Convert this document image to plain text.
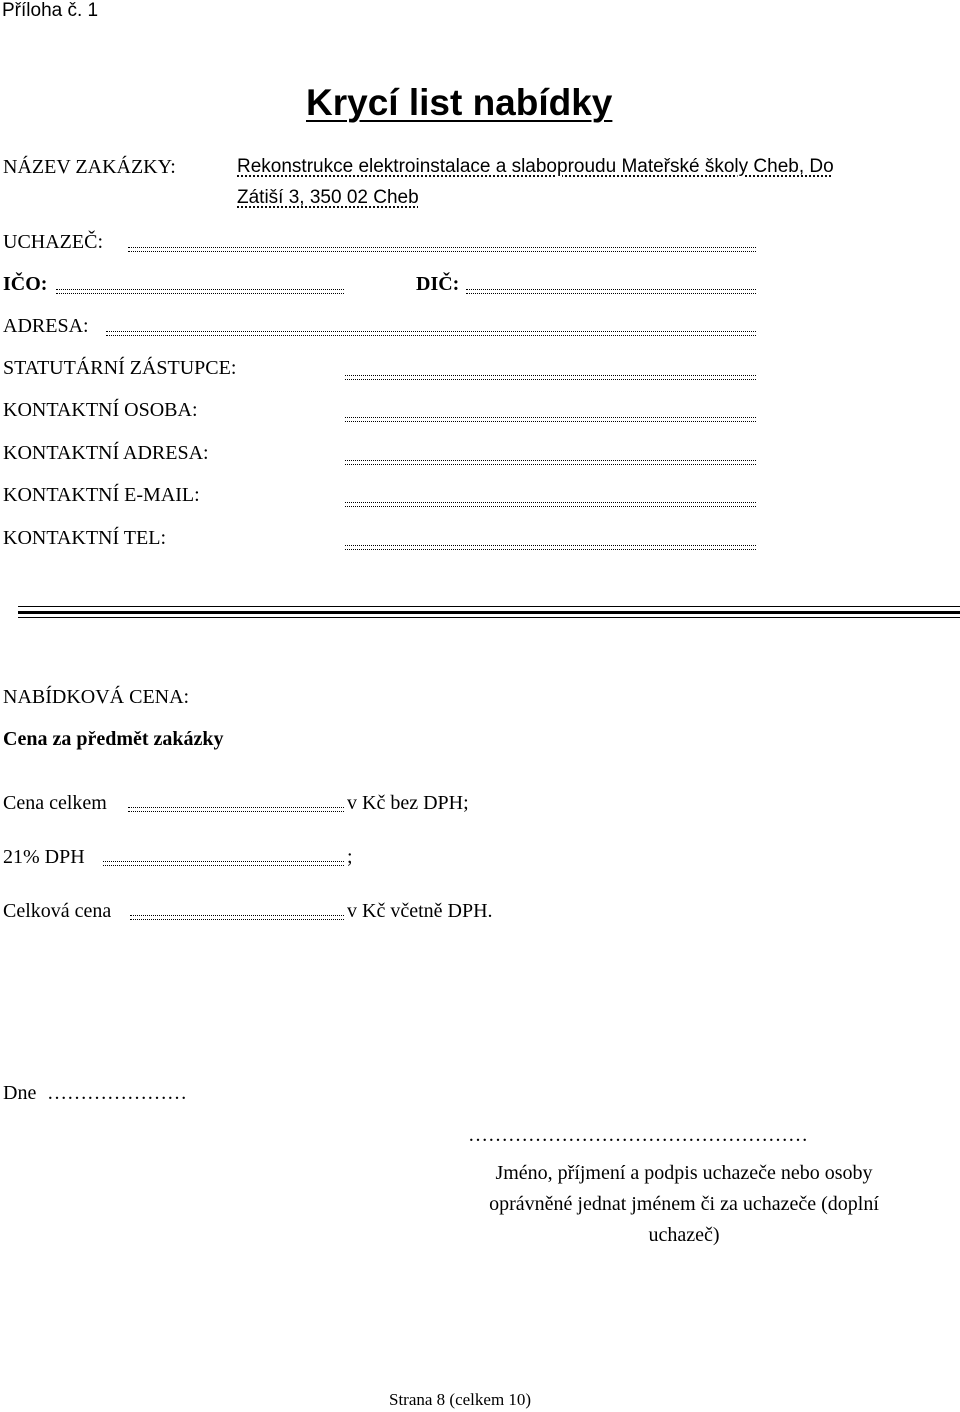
Příloha č. 1
Krycí list nabídky
NÁZEV ZAKÁZKY:	Rekonstrukce elektroinstalace a slaboproudu Mateřské školy Cheb, Do
Zátiší 3, 350 02 Cheb
UCHAZEČ:
IČO:	DIČ:
ADRESA:
STATUTÁRNÍ ZÁSTUPCE:
KONTAKTNÍ OSOBA:
KONTAKTNÍ ADRESA:
KONTAKTNÍ E-MAIL:
KONTAKTNÍ TEL:
NABÍDKOVÁ CENA:
Cena za předmět zakázky
Cena celkem	v Kč bez DPH;
21% DPH	;
Celková cena	v Kč včetně DPH.
Dne …………………
……………………………………………
Jméno, příjmení a podpis uchazeče nebo osoby
oprávněné jednat jménem či za uchazeče (doplní
uchazeč)
Strana 8 (celkem 10)
